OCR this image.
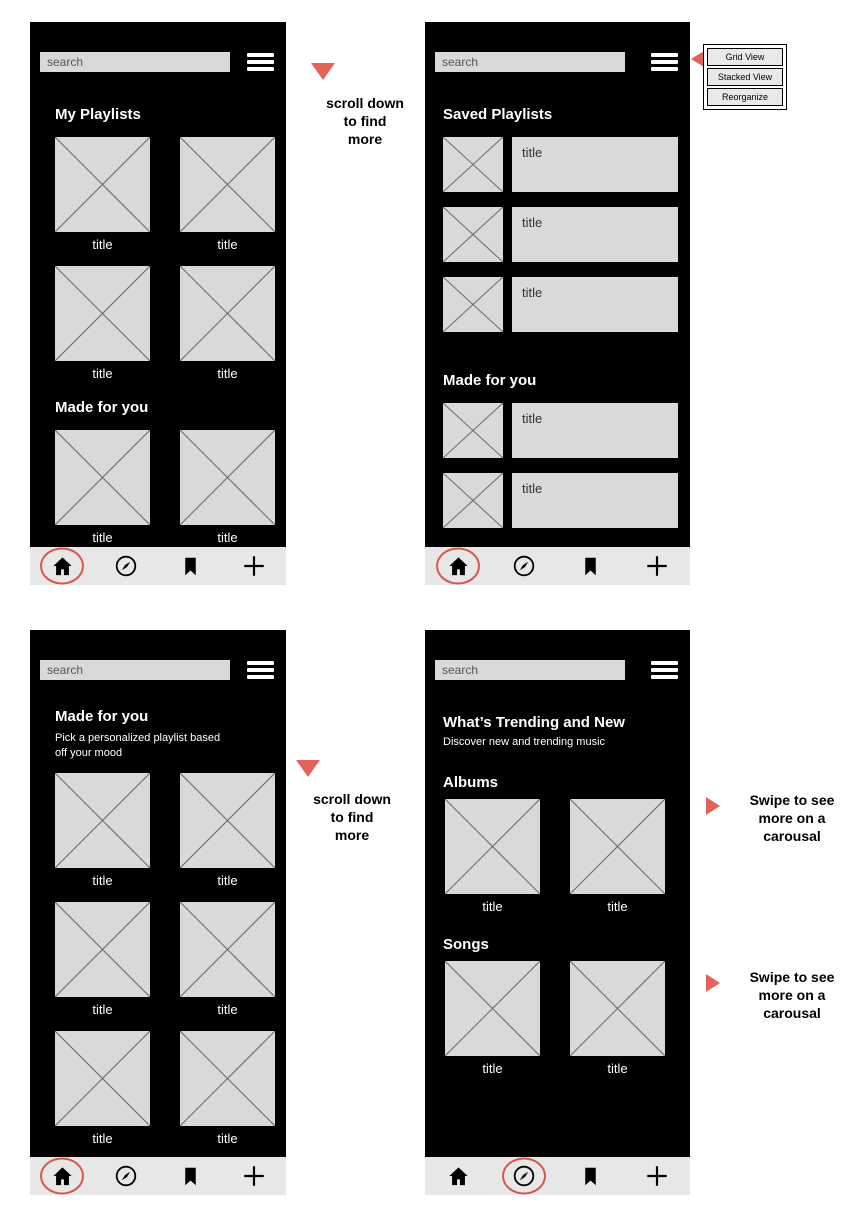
search
My Playlists
title	title
title	title
Made for you
title	title
scroll down to find more
search
Saved Playlists
title
title
title
Made for you
title
title
Grid View
Stacked View
Reorganize
search
Made for you
Pick a personalized playlist based off your mood
title	title
title	title
title	title
scroll down to find more
search
What’s Trending and New
Discover new and trending music
Albums
title	title
Songs
title	title
Swipe to see more on a carousal
Swipe to see more on a carousal
